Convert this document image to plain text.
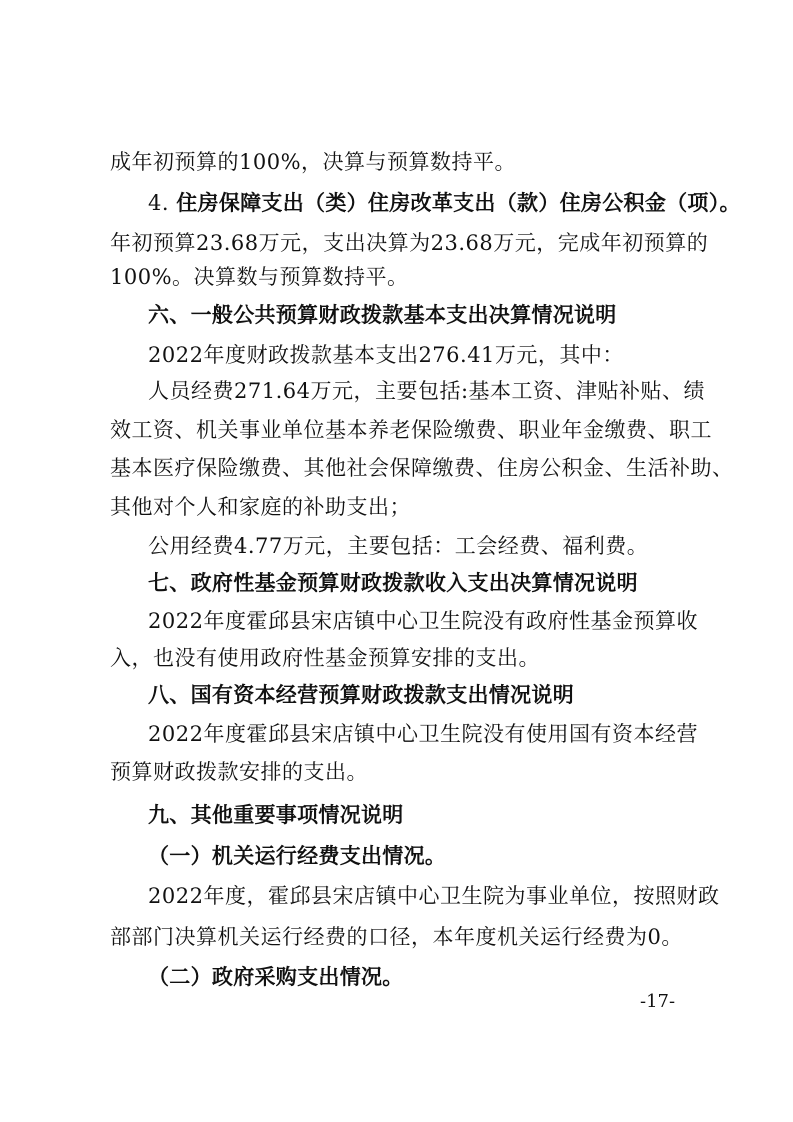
成年初预算的100%，决算与预算数持平。
4. 住房保障支出（类）住房改革支出（款）住房公积金（项）。
年初预算23.68万元，支出决算为23.68万元，完成年初预算的
100%。决算数与预算数持平。
六、一般公共预算财政拨款基本支出决算情况说明
2022年度财政拨款基本支出276.41万元，其中：
人员经费271.64万元，主要包括:基本工资、津贴补贴、绩
效工资、机关事业单位基本养老保险缴费、职业年金缴费、职工
基本医疗保险缴费、其他社会保障缴费、住房公积金、生活补助、
其他对个人和家庭的补助支出；
公用经费4.77万元，主要包括：工会经费、福利费。
七、政府性基金预算财政拨款收入支出决算情况说明
2022年度霍邱县宋店镇中心卫生院没有政府性基金预算收
入，也没有使用政府性基金预算安排的支出。
八、国有资本经营预算财政拨款支出情况说明
2022年度霍邱县宋店镇中心卫生院没有使用国有资本经营
预算财政拨款安排的支出。
九、其他重要事项情况说明
（一）机关运行经费支出情况。
2022年度，霍邱县宋店镇中心卫生院为事业单位，按照财政
部部门决算机关运行经费的口径，本年度机关运行经费为0。
（二）政府采购支出情况。
-17-
